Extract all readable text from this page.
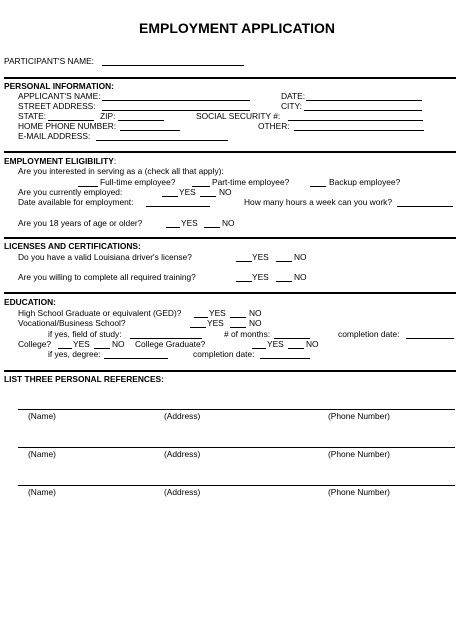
EMPLOYMENT APPLICATION
PARTICIPANT'S NAME:
PERSONAL INFORMATION:
APPLICANT'S NAME:	DATE:
STREET ADDRESS:	CITY:
STATE:	ZIP:	SOCIAL SECURITY #:
HOME PHONE NUMBER:	OTHER:
E-MAIL ADDRESS:
EMPLOYMENT ELIGIBILITY:
Are you interested in serving as a (check all that apply):
Full-time employee?	Part-time employee?	Backup employee?
Are you currently employed:	YES	NO
Date available for employment:	How many hours a week can you work?
Are you 18 years of age or older?	YES	NO
LICENSES AND CERTIFICATIONS:
Do you have a valid Louisiana driver's license?	YES	NO
Are you willing to complete all required training?	YES	NO
EDUCATION:
High School Graduate or equivalent (GED)?	YES	NO
Vocational/Business School?	YES	NO
if yes, field of study:	# of months:	completion date:
College?	YES	NO College Graduate?	YES	NO
if yes, degree:	completion date:
LIST THREE PERSONAL REFERENCES:
(Name)	(Address)	(Phone Number)
(Name)	(Address)	(Phone Number)
(Name)	(Address)	(Phone Number)
